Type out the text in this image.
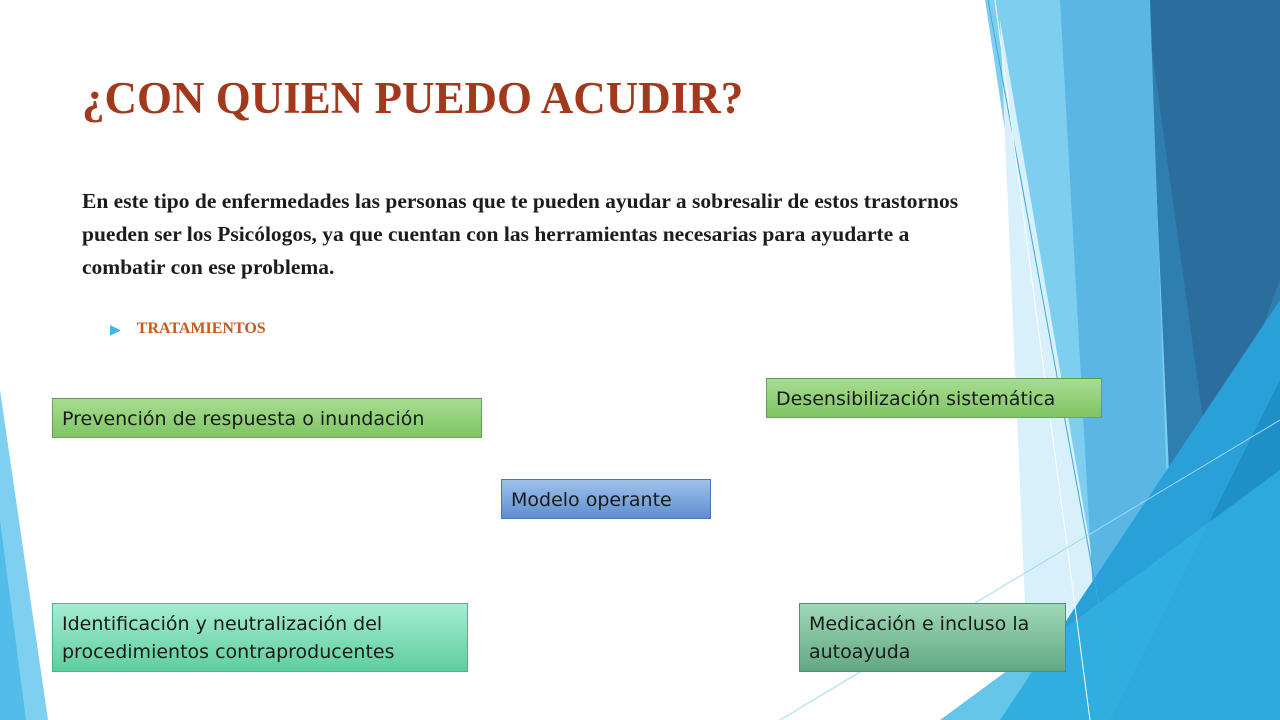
¿CON QUIEN PUEDO ACUDIR?

En este tipo de enfermedades las personas que te pueden ayudar a sobresalir de estos trastornos pueden ser los Psicólogos, ya que cuentan con las herramientas necesarias para ayudarte a combatir con ese problema.

▶ TRATAMIENTOS
Prevención de respuesta o inundación
Desensibilización sistemática
Modelo operante
Identificación y neutralización del procedimientos contraproducentes
Medicación e incluso la autoayuda
